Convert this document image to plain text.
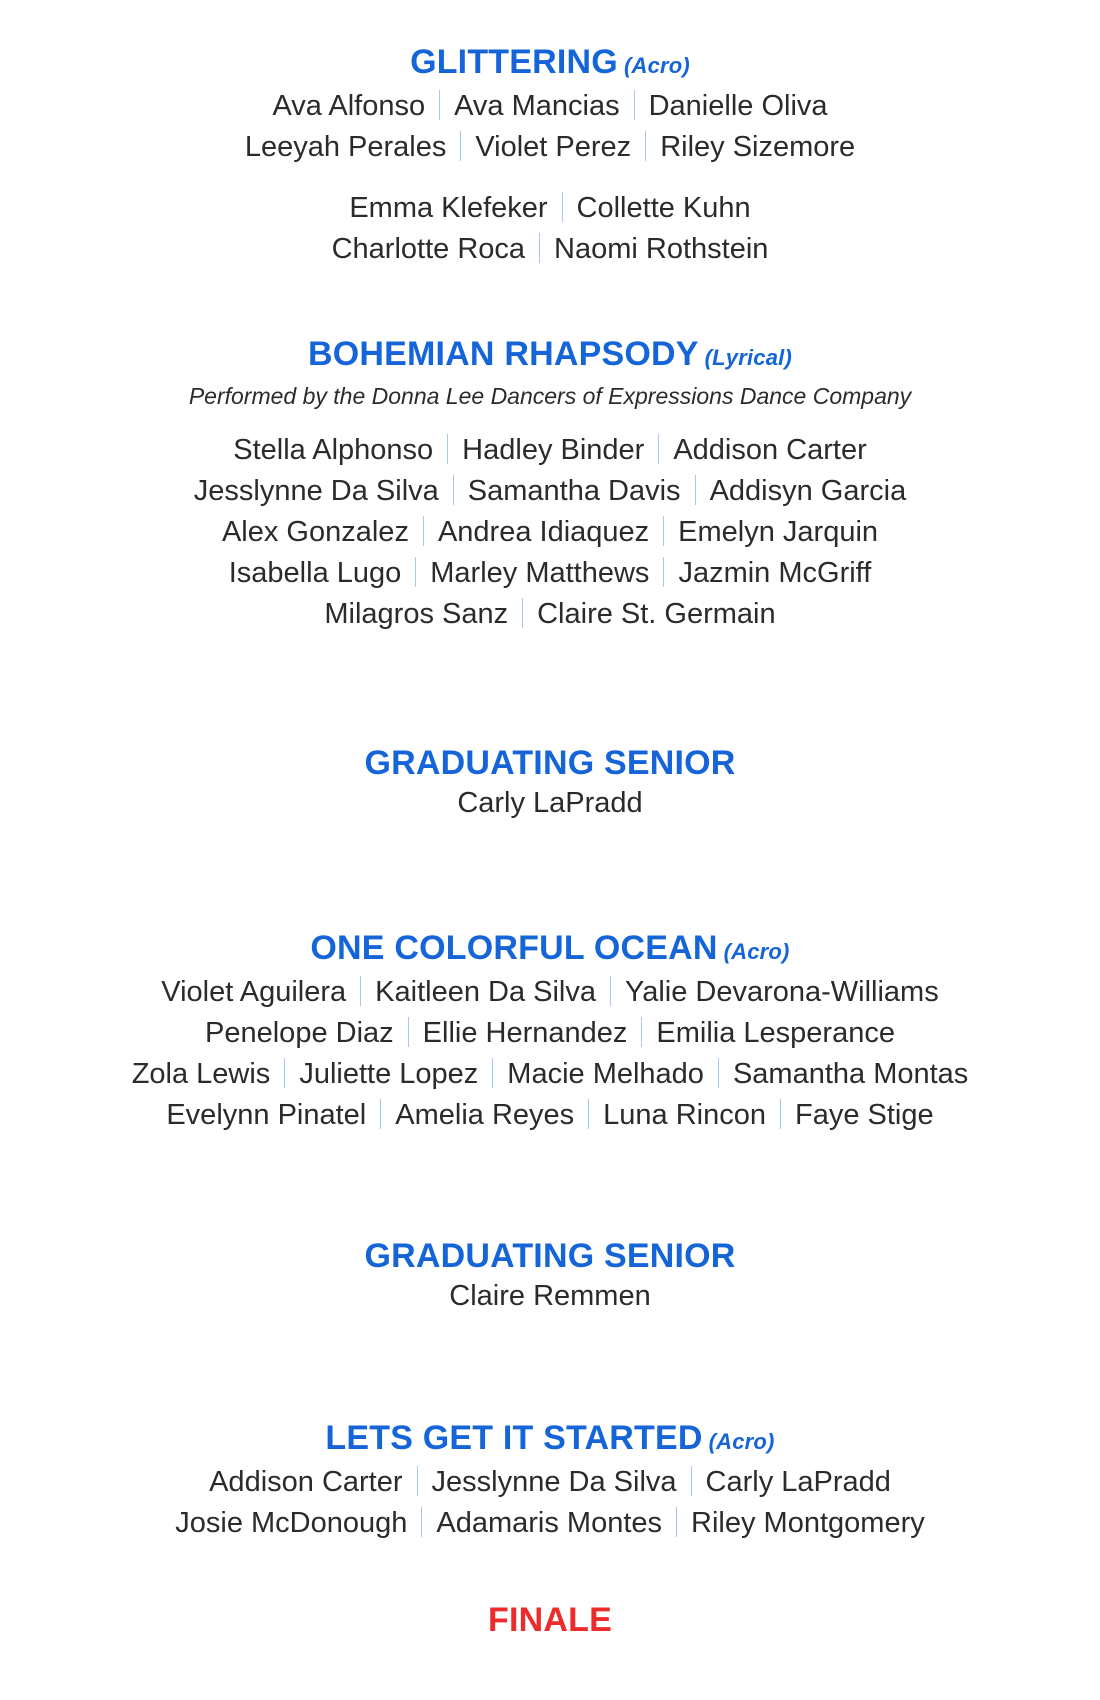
GLITTERING (Acro)
Ava Alfonso Ava Mancias Danielle Oliva
Leeyah Perales Violet Perez Riley Sizemore
Emma Klefeker Collette Kuhn
Charlotte Roca Naomi Rothstein
BOHEMIAN RHAPSODY (Lyrical)
Performed by the Donna Lee Dancers of Expressions Dance Company
Stella Alphonso Hadley Binder Addison Carter
Jesslynne Da Silva Samantha Davis Addisyn Garcia
Alex Gonzalez Andrea Idiaquez Emelyn Jarquin
Isabella Lugo Marley Matthews Jazmin McGriff
Milagros Sanz Claire St. Germain
GRADUATING SENIOR
Carly LaPradd
ONE COLORFUL OCEAN (Acro)
Violet Aguilera Kaitleen Da Silva Yalie Devarona-Williams
Penelope Diaz Ellie Hernandez Emilia Lesperance
Zola Lewis Juliette Lopez Macie Melhado Samantha Montas
Evelynn Pinatel Amelia Reyes Luna Rincon Faye Stige
GRADUATING SENIOR
Claire Remmen
LETS GET IT STARTED (Acro)
Addison Carter Jesslynne Da Silva Carly LaPradd
Josie McDonough Adamaris Montes Riley Montgomery
FINALE
